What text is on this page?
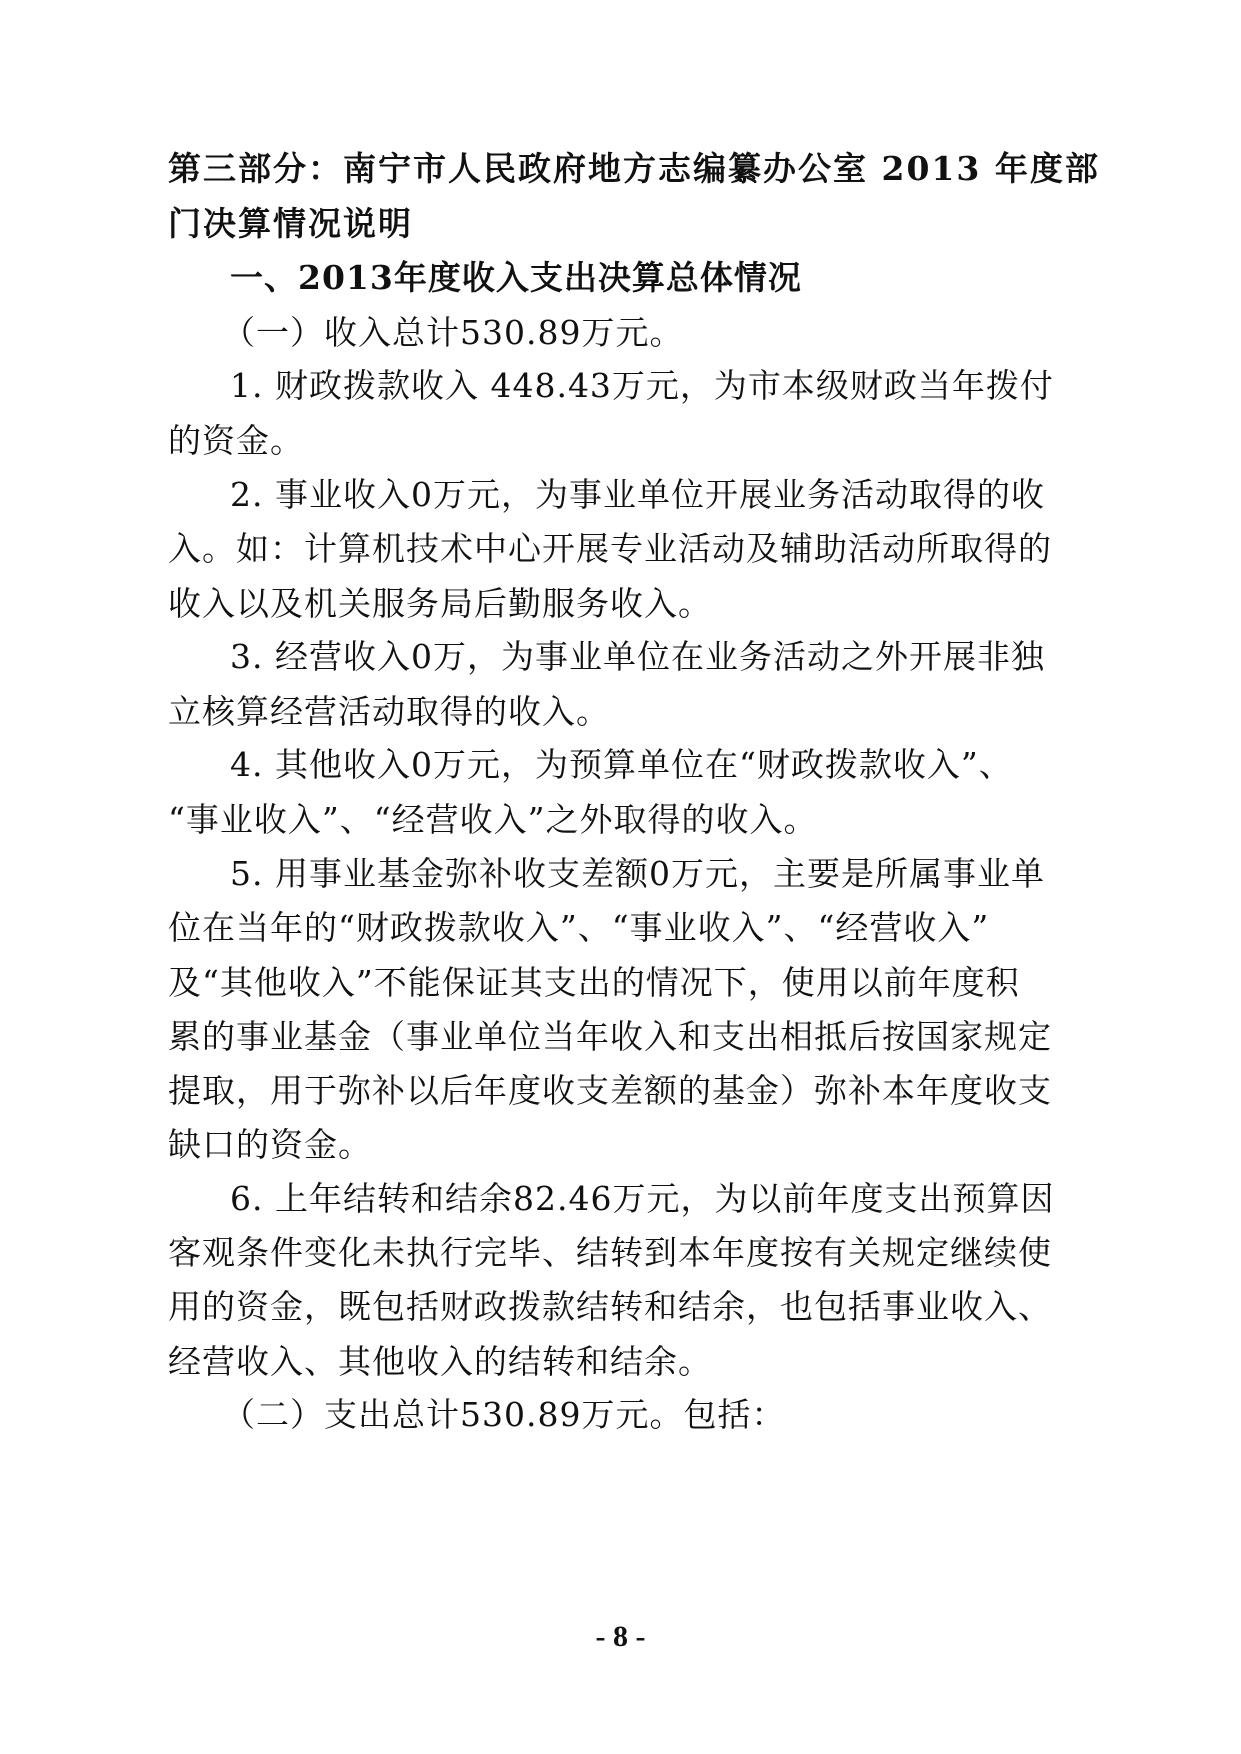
第三部分：南宁市人民政府地方志编纂办公室 2013 年度部
门决算情况说明
一、2013年度收入支出决算总体情况
（一）收入总计530.89万元。
1. 财政拨款收入 448.43万元，为市本级财政当年拨付
的资金。
2. 事业收入0万元，为事业单位开展业务活动取得的收
入。如：计算机技术中心开展专业活动及辅助活动所取得的
收入以及机关服务局后勤服务收入。
3. 经营收入0万，为事业单位在业务活动之外开展非独
立核算经营活动取得的收入。
4. 其他收入0万元，为预算单位在“财政拨款收入”、
“事业收入”、“经营收入”之外取得的收入。
5. 用事业基金弥补收支差额0万元，主要是所属事业单
位在当年的“财政拨款收入”、“事业收入”、“经营收入”
及“其他收入”不能保证其支出的情况下，使用以前年度积
累的事业基金（事业单位当年收入和支出相抵后按国家规定
提取，用于弥补以后年度收支差额的基金）弥补本年度收支
缺口的资金。
6. 上年结转和结余82.46万元，为以前年度支出预算因
客观条件变化未执行完毕、结转到本年度按有关规定继续使
用的资金，既包括财政拨款结转和结余，也包括事业收入、
经营收入、其他收入的结转和结余。
（二）支出总计530.89万元。包括：
- 8 -
